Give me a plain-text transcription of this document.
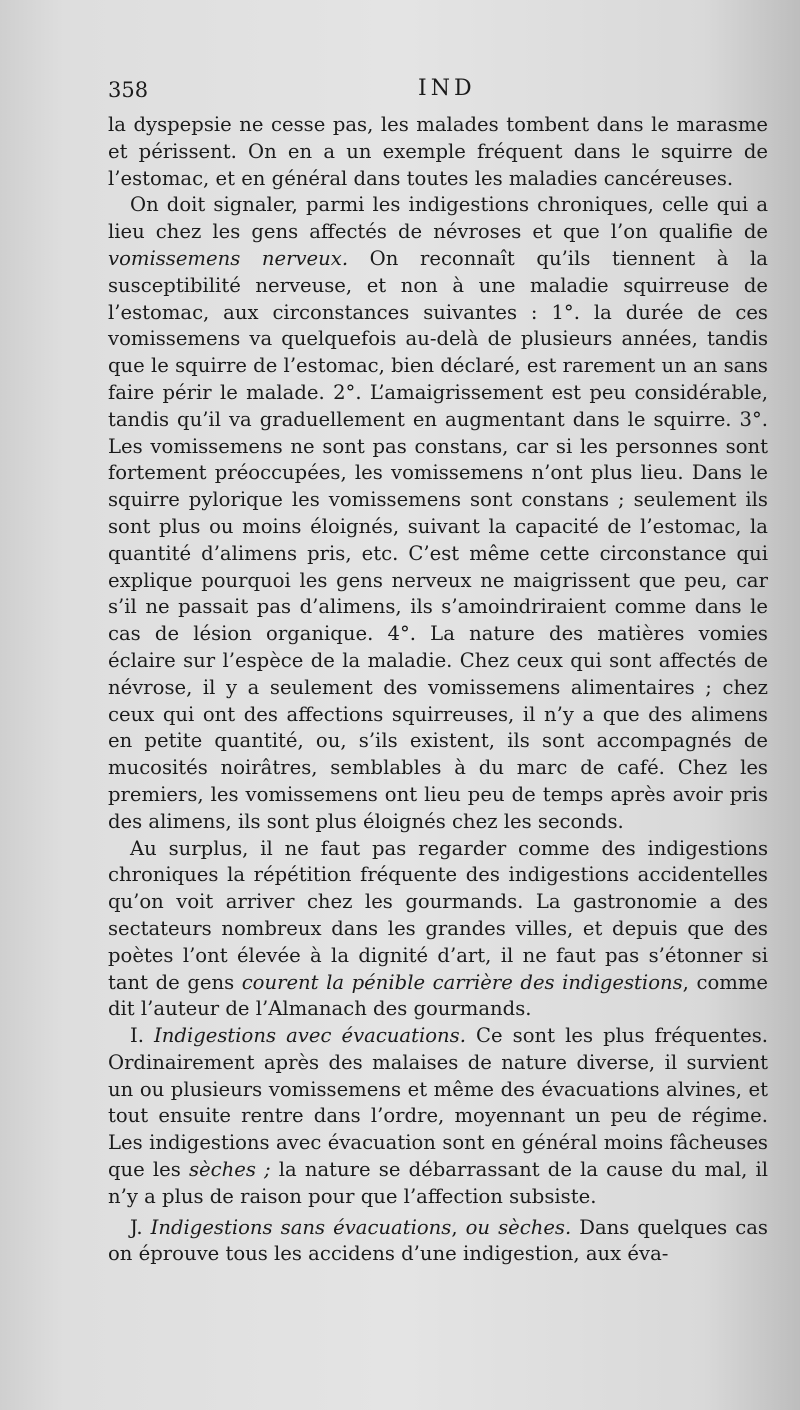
358	IND

la dyspepsie ne cesse pas, les malades tombent dans le marasme et périssent. On en a un exemple fréquent dans le squirre de l’estomac, et en général dans toutes les maladies cancéreuses.

On doit signaler, parmi les indigestions chroniques, celle qui a lieu chez les gens affectés de névroses et que l’on qualifie de vomissemens nerveux. On reconnaît qu’ils tiennent à la susceptibilité nerveuse, et non à une maladie squirreuse de l’estomac, aux circonstances suivantes : 1°. la durée de ces vomissemens va quelquefois au-delà de plusieurs années, tandis que le squirre de l’estomac, bien déclaré, est rarement un an sans faire périr le malade. 2°. L’amaigrissement est peu considérable, tandis qu’il va graduellement en augmentant dans le squirre. 3°. Les vomissemens ne sont pas constans, car si les personnes sont fortement préoccupées, les vomissemens n’ont plus lieu. Dans le squirre pylorique les vomissemens sont constans ; seulement ils sont plus ou moins éloignés, suivant la capacité de l’estomac, la quantité d’alimens pris, etc. C’est même cette circonstance qui explique pourquoi les gens nerveux ne maigrissent que peu, car s’il ne passait pas d’alimens, ils s’amoindriraient comme dans le cas de lésion organique. 4°. La nature des matières vomies éclaire sur l’espèce de la maladie. Chez ceux qui sont affectés de névrose, il y a seulement des vomissemens alimentaires ; chez ceux qui ont des affections squirreuses, il n’y a que des alimens en petite quantité, ou, s’ils existent, ils sont accompagnés de mucosités noirâtres, semblables à du marc de café. Chez les premiers, les vomissemens ont lieu peu de temps après avoir pris des alimens, ils sont plus éloignés chez les seconds.

Au surplus, il ne faut pas regarder comme des indigestions chroniques la répétition fréquente des indigestions accidentelles qu’on voit arriver chez les gourmands. La gastronomie a des sectateurs nombreux dans les grandes villes, et depuis que des poètes l’ont élevée à la dignité d’art, il ne faut pas s’étonner si tant de gens courent la pénible carrière des indigestions, comme dit l’auteur de l’Almanach des gourmands.

I. Indigestions avec évacuations. Ce sont les plus fréquentes. Ordinairement après des malaises de nature diverse, il survient un ou plusieurs vomissemens et même des évacuations alvines, et tout ensuite rentre dans l’ordre, moyennant un peu de régime. Les indigestions avec évacuation sont en général moins fâcheuses que les sèches ; la nature se débarrassant de la cause du mal, il n’y a plus de raison pour que l’affection subsiste.

J. Indigestions sans évacuations, ou sèches. Dans quelques cas on éprouve tous les accidens d’une indigestion, aux éva-
